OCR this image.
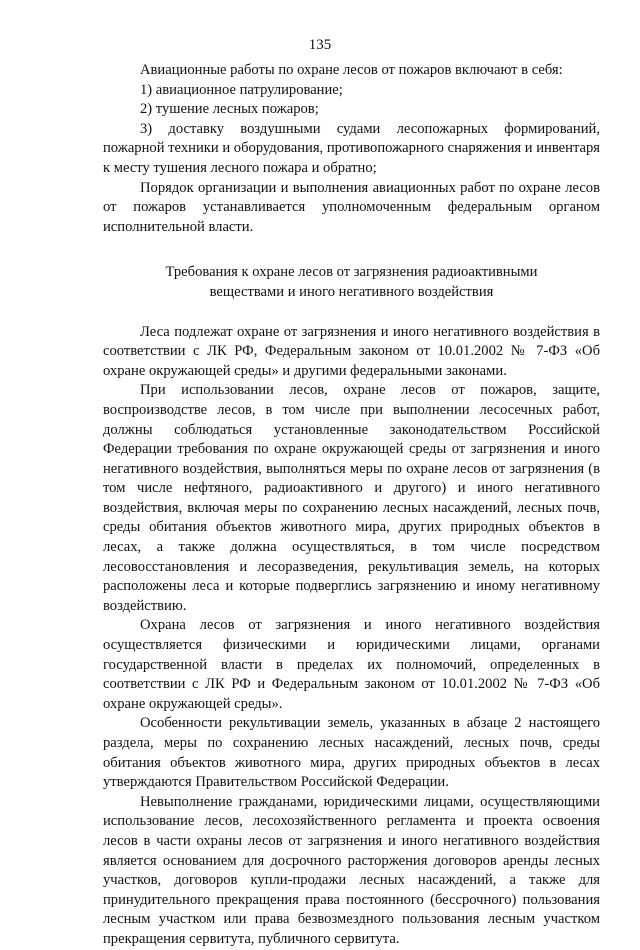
135

Авиационные работы по охране лесов от пожаров включают в себя:

1) авиационное патрулирование;

2) тушение лесных пожаров;

3) доставку воздушными судами лесопожарных формирований, пожарной техники и оборудования, противопожарного снаряжения и инвентаря к месту тушения лесного пожара и обратно;

Порядок организации и выполнения авиационных работ по охране лесов от пожаров устанавливается уполномоченным федеральным органом исполнительной власти.

Требования к охране лесов от загрязнения радиоактивными

веществами и иного негативного воздействия

Леса подлежат охране от загрязнения и иного негативного воздействия в соответствии с ЛК РФ, Федеральным законом от 10.01.2002 № 7-ФЗ «Об охране окружающей среды» и другими федеральными законами.

При использовании лесов, охране лесов от пожаров, защите, воспроизводстве лесов, в том числе при выполнении лесосечных работ, должны соблюдаться установленные законодательством Российской Федерации требования по охране окружающей среды от загрязнения и иного негативного воздействия, выполняться меры по охране лесов от загрязнения (в том числе нефтяного, радиоактивного и другого) и иного негативного воздействия, включая меры по сохранению лесных насаждений, лесных почв, среды обитания объектов животного мира, других природных объектов в лесах, а также должна осуществляться, в том числе посредством лесовосстановления и лесоразведения, рекультивация земель, на которых расположены леса и которые подверглись загрязнению и иному негативному воздействию.

Охрана лесов от загрязнения и иного негативного воздействия осуществляется физическими и юридическими лицами, органами государственной власти в пределах их полномочий, определенных в соответствии с ЛК РФ и Федеральным законом от 10.01.2002 № 7-ФЗ «Об охране окружающей среды».

Особенности рекультивации земель, указанных в абзаце 2 настоящего раздела, меры по сохранению лесных насаждений, лесных почв, среды обитания объектов животного мира, других природных объектов в лесах утверждаются Правительством Российской Федерации.

Невыполнение гражданами, юридическими лицами, осуществляющими использование лесов, лесохозяйственного регламента и проекта освоения лесов в части охраны лесов от загрязнения и иного негативного воздействия является основанием для досрочного расторжения договоров аренды лесных участков, договоров купли-продажи лесных насаждений, а также для принудительного прекращения права постоянного (бессрочного) пользования лесным участком или права безвозмездного пользования лесным участком прекращения сервитута, публичного сервитута.
